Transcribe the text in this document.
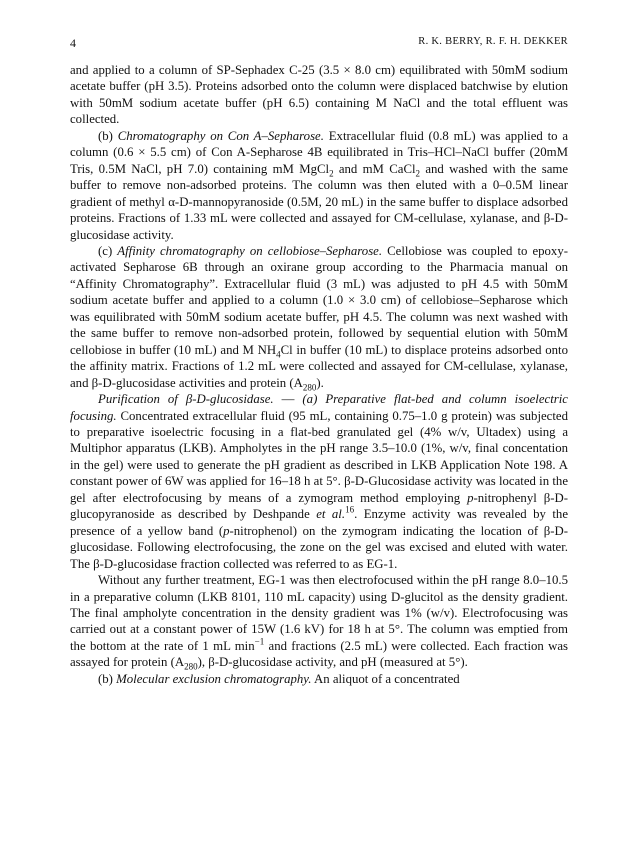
4	R. K. BERRY, R. F. H. DEKKER

and applied to a column of SP-Sephadex C-25 (3.5 × 8.0 cm) equilibrated with 50mM sodium acetate buffer (pH 3.5). Proteins adsorbed onto the column were displaced batchwise by elution with 50mM sodium acetate buffer (pH 6.5) containing M NaCl and the total effluent was collected.

(b) Chromatography on Con A–Sepharose. Extracellular fluid (0.8 mL) was applied to a column (0.6 × 5.5 cm) of Con A-Sepharose 4B equilibrated in Tris–HCl–NaCl buffer (20mM Tris, 0.5M NaCl, pH 7.0) containing mM MgCl$_2$ and mM CaCl$_2$ and washed with the same buffer to remove non-adsorbed proteins. The column was then eluted with a 0–0.5M linear gradient of methyl α-D-mannopyranoside (0.5M, 20 mL) in the same buffer to displace adsorbed proteins. Fractions of 1.33 mL were collected and assayed for CM-cellulase, xylanase, and β-D-glucosidase activity.

(c) Affinity chromatography on cellobiose–Sepharose. Cellobiose was coupled to epoxy-activated Sepharose 6B through an oxirane group according to the Pharmacia manual on “Affinity Chromatography”. Extracellular fluid (3 mL) was adjusted to pH 4.5 with 50mM sodium acetate buffer and applied to a column (1.0 × 3.0 cm) of cellobiose–Sepharose which was equilibrated with 50mM sodium acetate buffer, pH 4.5. The column was next washed with the same buffer to remove non-adsorbed protein, followed by sequential elution with 50mM cellobiose in buffer (10 mL) and M $NH_4Cl$ in buffer (10 mL) to displace proteins adsorbed onto the affinity matrix. Fractions of 1.2 mL were collected and assayed for CM-cellulase, xylanase, and β-D-glucosidase activities and protein $(A_{280})$.

Purification of β-D-glucosidase. — (a) Preparative flat-bed and column isoelectric focusing. Concentrated extracellular fluid (95 mL, containing 0.75–1.0 g protein) was subjected to preparative isoelectric focusing in a flat-bed granulated gel (4% w/v, Ultadex) using a Multiphor apparatus (LKB). Ampholytes in the pH range 3.5–10.0 (1%, w/v, final concentation in the gel) were used to generate the pH gradient as described in LKB Application Note 198. A constant power of 6W was applied for 16–18 h at 5°. β-D-Glucosidase activity was located in the gel after electrofocusing by means of a zymogram method employing p-nitrophenyl β-D-glucopyranoside as described by Deshpande et al.$^{16}$. Enzyme activity was revealed by the presence of a yellow band (p-nitrophenol) on the zymogram indicating the location of β-D-glucosidase. Following electrofocusing, the zone on the gel was excised and eluted with water. The β-D-glucosidase fraction collected was referred to as EG-1.

Without any further treatment, EG-1 was then electrofocused within the pH range 8.0–10.5 in a preparative column (LKB 8101, 110 mL capacity) using D-glucitol as the density gradient. The final ampholyte concentration in the density gradient was 1% (w/v). Electrofocusing was carried out at a constant power of 15W (1.6 kV) for 18 h at 5°. The column was emptied from the bottom at the rate of 1 mL $\min^{-1}$ and fractions (2.5 mL) were collected. Each fraction was assayed for protein $(A_{280})$, β-D-glucosidase activity, and pH (measured at 5°).

(b) Molecular exclusion chromatography. An aliquot of a concentrated
